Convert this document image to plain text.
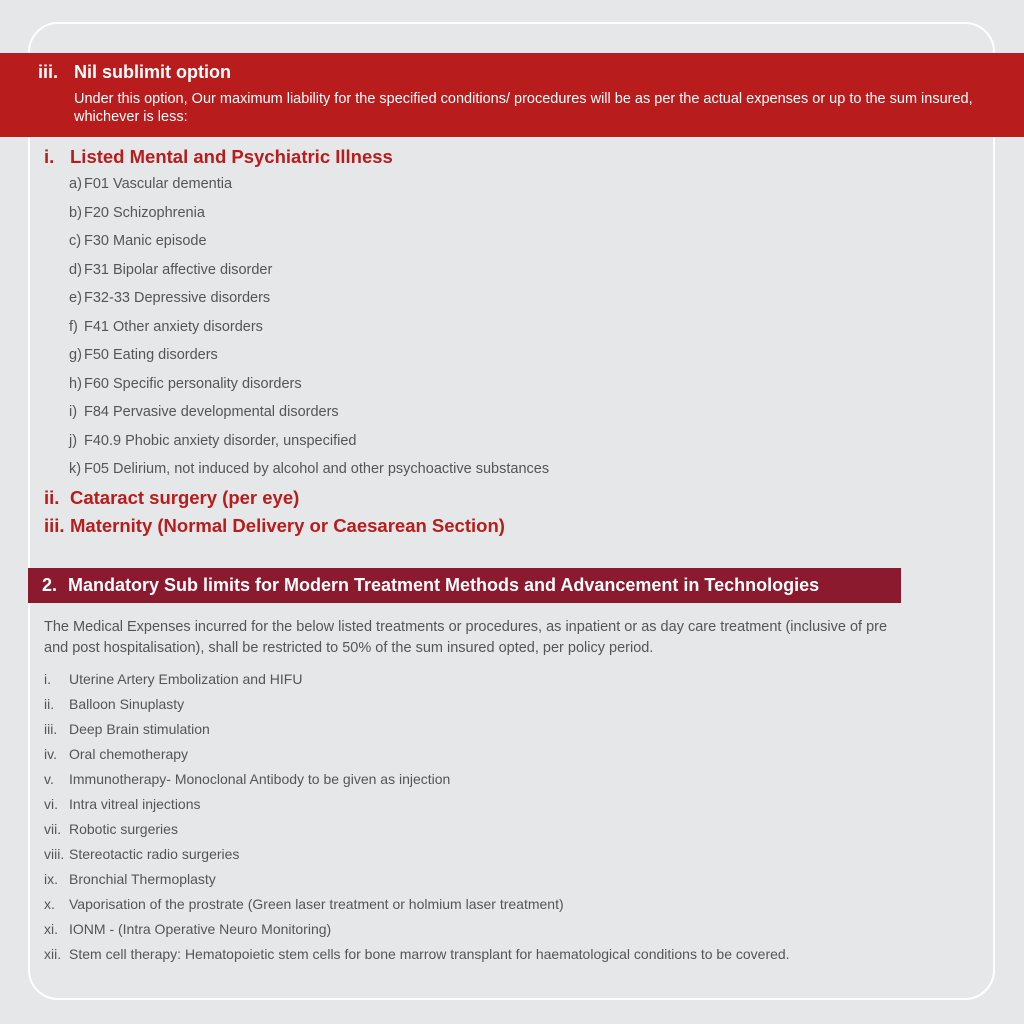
iii. Nil sublimit option
Under this option, Our maximum liability for the specified conditions/ procedures will be as per the actual expenses or up to the sum insured, whichever is less:
i. Listed Mental and Psychiatric Illness
a) F01 Vascular dementia
b) F20 Schizophrenia
c) F30 Manic episode
d) F31 Bipolar affective disorder
e) F32-33 Depressive disorders
f) F41 Other anxiety disorders
g) F50 Eating disorders
h) F60 Specific personality disorders
i) F84 Pervasive developmental disorders
j) F40.9 Phobic anxiety disorder, unspecified
k) F05 Delirium, not induced by alcohol and other psychoactive substances
ii. Cataract surgery (per eye)
iii. Maternity (Normal Delivery or Caesarean Section)
2. Mandatory Sub limits for Modern Treatment Methods and Advancement in Technologies
The Medical Expenses incurred for the below listed treatments or procedures, as inpatient or as day care treatment (inclusive of pre and post hospitalisation), shall be restricted to 50% of the sum insured opted, per policy period.
i. Uterine Artery Embolization and HIFU
ii. Balloon Sinuplasty
iii. Deep Brain stimulation
iv. Oral chemotherapy
v. Immunotherapy- Monoclonal Antibody to be given as injection
vi. Intra vitreal injections
vii. Robotic surgeries
viii. Stereotactic radio surgeries
ix. Bronchial Thermoplasty
x. Vaporisation of the prostrate (Green laser treatment or holmium laser treatment)
xi. IONM - (Intra Operative Neuro Monitoring)
xii. Stem cell therapy: Hematopoietic stem cells for bone marrow transplant for haematological conditions to be covered.
